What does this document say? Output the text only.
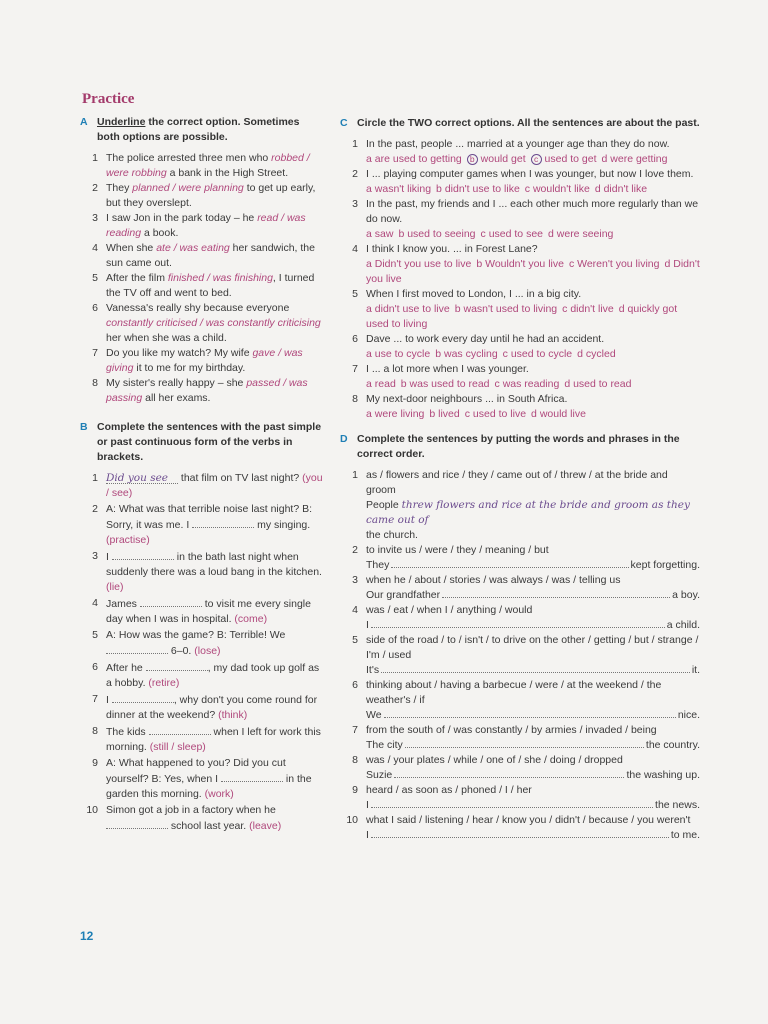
Practice
A Underline the correct option. Sometimes both options are possible.
1 The police arrested three men who robbed / were robbing a bank in the High Street.
2 They planned / were planning to get up early, but they overslept.
3 I saw Jon in the park today – he read / was reading a book.
4 When she ate / was eating her sandwich, the sun came out.
5 After the film finished / was finishing, I turned the TV off and went to bed.
6 Vanessa's really shy because everyone constantly criticised / was constantly criticising her when she was a child.
7 Do you like my watch? My wife gave / was giving it to me for my birthday.
8 My sister's really happy – she passed / was passing all her exams.
B Complete the sentences with the past simple or past continuous form of the verbs in brackets.
1 Did you see that film on TV last night? (you / see)
2 A: What was that terrible noise last night? B: Sorry, it was me. I	my singing. (practise)
3 I	in the bath last night when suddenly there was a loud bang in the kitchen. (lie)
4 James	to visit me every single day when I was in hospital. (come)
5 A: How was the game? B: Terrible! We  6–0. (lose)
6 After he	, my dad took up golf as a hobby. (retire)
7 I	, why don't you come round for dinner at the weekend? (think)
8 The kids	when I left for work this morning. (still / sleep)
9 A: What happened to you? Did you cut yourself? B: Yes, when I	in the garden this morning. (work)
10 Simon got a job in a factory when he  school last year. (leave)
C Circle the TWO correct options. All the sentences are about the past.
1 In the past, people ... married at a younger age than they do now.
a are used to getting b would get c used to get d were getting
2 I ... playing computer games when I was younger, but now I love them.
a wasn't liking b didn't use to like c wouldn't like d didn't like
3 In the past, my friends and I ... each other much more regularly than we do now.
a saw b used to seeing c used to see d were seeing
4 I think I know you. ... in Forest Lane?
a Didn't you use to live b Wouldn't you live c Weren't you living d Didn't you live
5 When I first moved to London, I ... in a big city.
a didn't use to live b wasn't used to living c didn't live d quickly got used to living
6 Dave ... to work every day until he had an accident.
a use to cycle b was cycling c used to cycle d cycled
7 I ... a lot more when I was younger.
a read b was used to read c was reading d used to read
8 My next-door neighbours ... in South Africa.
a were living b lived c used to live d would live
D Complete the sentences by putting the words and phrases in the correct order.
1 as / flowers and rice / they / came out of / threw / at the bride and groom
People threw flowers and rice at the bride and groom as they came out of
the church.
2 to invite us / were / they / meaning / but
They	kept forgetting.
3 when he / about / stories / was always / was / telling us
Our grandfather	a boy.
4 was / eat / when I / anything / would
I	a child.
5 side of the road / to / isn't / to drive on the other / getting / but / strange / I'm / used
It's	it.
6 thinking about / having a barbecue / were / at the weekend / the weather's / if
We	nice.
7 from the south of / was constantly / by armies / invaded / being
The city	the country.
8 was / your plates / while / one of / she / doing / dropped
Suzie	the washing up.
9 heard / as soon as / phoned / I / her
I	the news.
10 what I said / listening / hear / know you / didn't / because / you weren't
I	to me.
12
